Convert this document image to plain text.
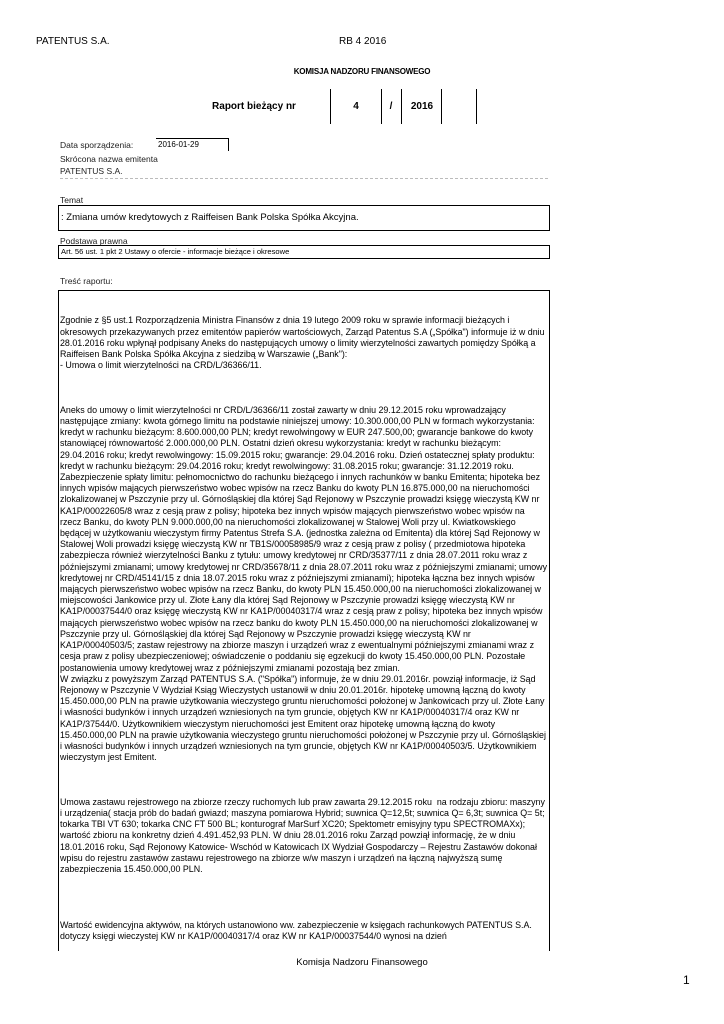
PATENTUS S.A.	RB 4 2016
KOMISJA NADZORU FINANSOWEGO
Raport bieżący nr	4	/	2016
Data sporządzenia:	2016-01-29
Skrócona nazwa emitenta
PATENTUS S.A.
Temat
: Zmiana umów kredytowych z Raiffeisen Bank Polska Spółka Akcyjna.
Podstawa prawna
Art. 56 ust. 1 pkt 2 Ustawy o ofercie - informacje bieżące i okresowe
Treść raportu:

Zgodnie z §5 ust.1 Rozporządzenia Ministra Finansów z dnia 19 lutego 2009 roku w sprawie informacji bieżących i okresowych przekazywanych przez emitentów papierów wartościowych, Zarząd Patentus S.A („Spółka") informuje iż w dniu 28.01.2016 roku wpłynął podpisany Aneks do następujących umowy o limity wierzytelności zawartych pomiędzy Spółką a Raiffeisen Bank Polska Spółka Akcyjna z siedzibą w Warszawie („Bank"):
- Umowa o limit wierzytelności na CRD/L/36366/11.

Aneks do umowy o limit wierzytelności nr CRD/L/36366/11 został zawarty w dniu 29.12.2015 roku wprowadzający następujące zmiany: kwota górnego limitu na podstawie niniejszej umowy: 10.300.000,00 PLN w formach wykorzystania: kredyt w rachunku bieżącym: 8.600.000,00 PLN; kredyt rewolwingowy w EUR 247.500,00; gwarancje bankowe do kwoty stanowiącej równowartość 2.000.000,00 PLN. Ostatni dzień okresu wykorzystania: kredyt w rachunku bieżącym: 29.04.2016 roku; kredyt rewolwingowy: 15.09.2015 roku; gwarancje: 29.04.2016 roku. Dzień ostatecznej spłaty produktu: kredyt w rachunku bieżącym: 29.04.2016 roku; kredyt rewolwingowy: 31.08.2015 roku; gwarancje: 31.12.2019 roku. Zabezpieczenie spłaty limitu: pełnomocnictwo do rachunku bieżącego i innych rachunków w banku Emitenta; hipoteka bez innych wpisów mających pierwszeństwo wobec wpisów na rzecz Banku do kwoty PLN 16.875.000,00 na nieruchomości zlokalizowanej w Pszczynie przy ul. Górnośląskiej dla której Sąd Rejonowy w Pszczynie prowadzi księgę wieczystą KW nr KA1P/00022605/8 wraz z cesją praw z polisy; hipoteka bez innych wpisów mających pierwszeństwo wobec wpisów na rzecz Banku, do kwoty PLN 9.000.000,00 na nieruchomości zlokalizowanej w Stalowej Woli przy ul. Kwiatkowskiego będącej w użytkowaniu wieczystym firmy Patentus Strefa S.A. (jednostka zależna od Emitenta) dla której Sąd Rejonowy w Stalowej Woli prowadzi księgę wieczystą KW nr TB1S/00058985/9 wraz z cesją praw z polisy ( przedmiotowa hipoteka zabezpiecza również wierzytelności Banku z tytułu: umowy kredytowej nr CRD/35377/11 z dnia 28.07.2011 roku wraz z późniejszymi zmianami; umowy kredytowej nr CRD/35678/11 z dnia 28.07.2011 roku wraz z późniejszymi zmianami; umowy kredytowej nr CRD/45141/15 z dnia 18.07.2015 roku wraz z późniejszymi zmianami); hipoteka łączna bez innych wpisów mających pierwszeństwo wobec wpisów na rzecz Banku, do kwoty PLN 15.450.000,00 na nieruchomości zlokalizowanej w miejscowości Jankowice przy ul. Złote Łany dla której Sąd Rejonowy w Pszczynie prowadzi księgę wieczystą KW nr KA1P/00037544/0 oraz księgę wieczystą KW nr KA1P/00040317/4 wraz z cesją praw z polisy; hipoteka bez innych wpisów mających pierwszeństwo wobec wpisów na rzecz banku do kwoty PLN 15.450.000,00 na nieruchomości zlokalizowanej w Pszczynie przy ul. Górnośląskiej dla której Sąd Rejonowy w Pszczynie prowadzi księgę wieczystą KW nr KA1P/00040503/5; zastaw rejestrowy na zbiorze maszyn i urządzeń wraz z ewentualnymi późniejszymi zmianami wraz z cesja praw z polisy ubezpieczeniowej; oświadczenie o poddaniu się egzekucji do kwoty 15.450.000,00 PLN. Pozostałe postanowienia umowy kredytowej wraz z późniejszymi zmianami pozostają bez zmian.
W związku z powyższym Zarząd PATENTUS S.A. ("Spółka") informuje, że w dniu 29.01.2016r. powziął informacje, iż Sąd Rejonowy w Pszczynie V Wydział Ksiąg Wieczystych ustanowił w dniu 20.01.2016r. hipotekę umowną łączną do kwoty 15.450.000,00 PLN na prawie użytkowania wieczystego gruntu nieruchomości położonej w Jankowicach przy ul. Złote Łany i własności budynków i innych urządzeń wzniesionych na tym gruncie, objętych KW nr KA1P/00040317/4 oraz KW nr KA1P/37544/0. Użytkownikiem wieczystym nieruchomości jest Emitent oraz hipotekę umowną łączną do kwoty 15.450.000,00 PLN na prawie użytkowania wieczystego gruntu nieruchomości położonej w Pszczynie przy ul. Górnośląskiej i własności budynków i innych urządzeń wzniesionych na tym gruncie, objętych KW nr KA1P/00040503/5. Użytkownikiem wieczystym jest Emitent.

Umowa zastawu rejestrowego na zbiorze rzeczy ruchomych lub praw zawarta 29.12.2015 roku  na rodzaju zbioru: maszyny i urządzenia( stacja prób do badań gwiazd; maszyna pomiarowa Hybrid; suwnica Q=12,5t; suwnica Q= 6,3t; suwnica Q= 5t; tokarka TBI VT 630; tokarka CNC FT 500 BL; konturograf MarSurf XC20; Spektometr emisyjny typu SPECTROMAXx); wartość zbioru na konkretny dzień 4.491.452,93 PLN. W dniu 28.01.2016 roku Zarząd powziął informację, że w dniu 18.01.2016 roku, Sąd Rejonowy Katowice- Wschód w Katowicach IX Wydział Gospodarczy – Rejestru Zastawów dokonał wpisu do rejestru zastawów zastawu rejestrowego na zbiorze w/w maszyn i urządzeń na łączną najwyższą sumę zabezpieczenia 15.450.000,00 PLN.

Wartość ewidencyjna aktywów, na których ustanowiono ww. zabezpieczenie w księgach rachunkowych PATENTUS S.A. dotyczy księgi wieczystej KW nr KA1P/00040317/4 oraz KW nr KA1P/00037544/0 wynosi na dzień

Komisja Nadzoru Finansowego
1
